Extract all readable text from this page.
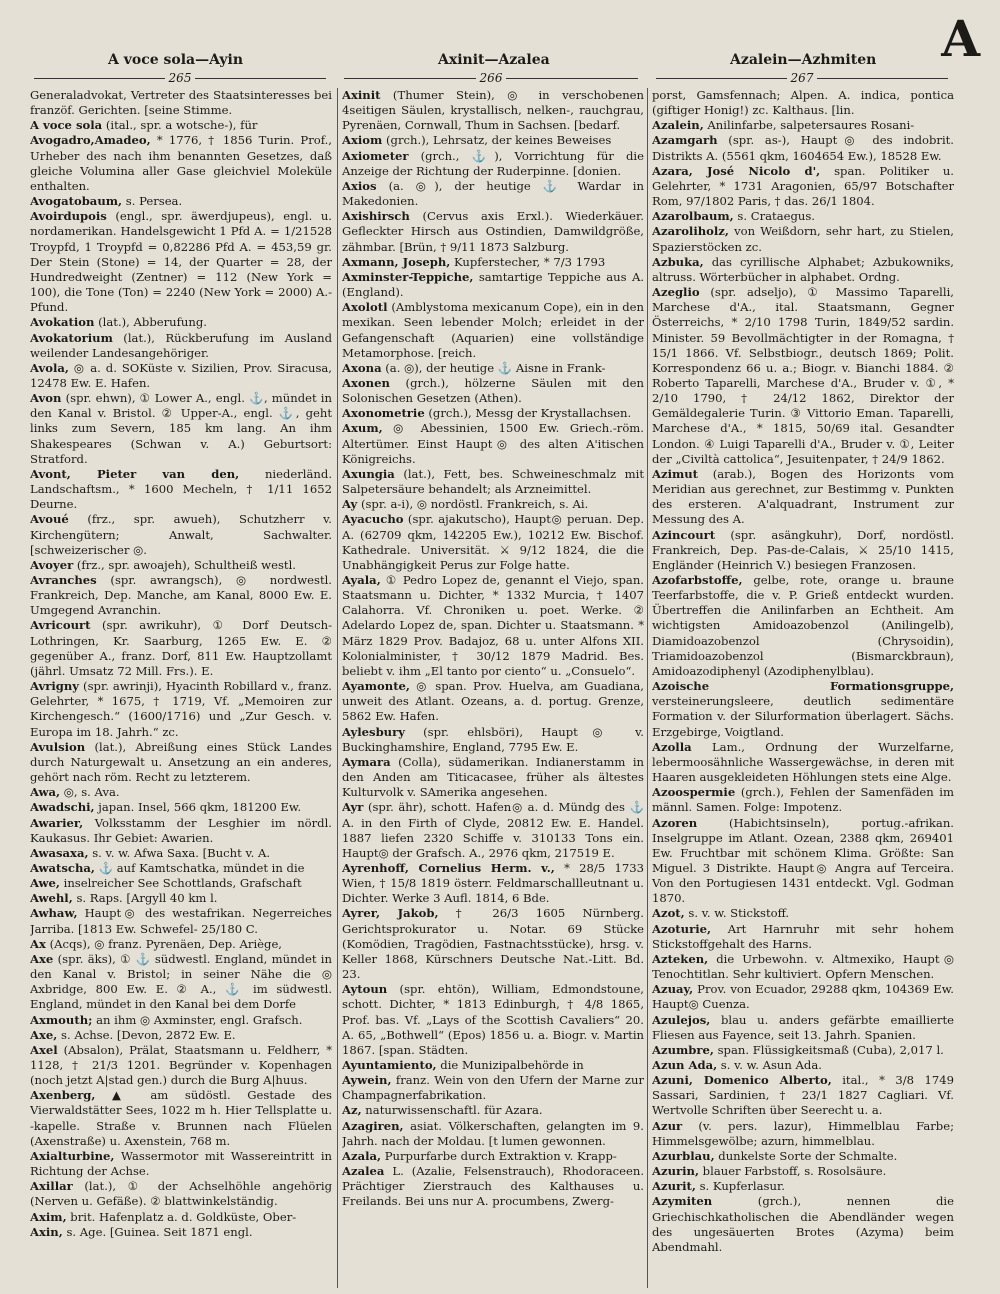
A voce sola—Ayin	Axinit—Azalea	Azalein—Azhmiten A
265	266	267

Generaladvokat, Vertreter des Staatsinteresses bei franzöf. Gerichten. [seine Stimme.

A voce sola (ital., spr. a wotsche-), für

Avogadro,Amadeo, * 1776, † 1856 Turin. Prof., Urheber des nach ihm benannten Gesetzes, daß gleiche Volumina aller Gase gleichviel Moleküle enthalten.

Avogatobaum, s. Persea.

Avoirdupois (engl., spr. äwerdjupeus), engl. u. nordamerikan. Handelsgewicht 1 Pfd A. = 1/21528 Troypfd, 1 Troypfd = 0,82286 Pfd A. = 453,59 gr. Der Stein (Stone) = 14, der Quarter = 28, der Hundredweight (Zentner) = 112 (New York = 100), die Tone (Ton) = 2240 (New York = 2000) A.-Pfund.

Avokation (lat.), Abberufung.

Avokatorium (lat.), Rückberufung im Ausland weilender Landesangehöriger.

Avola, ◎ a. d. SOKüste v. Sizilien, Prov. Siracusa, 12478 Ew. E. Hafen.

Avon (spr. ehwn), ① Lower A., engl. ⚓, mündet in den Kanal v. Bristol. ② Upper-A., engl. ⚓, geht links zum Severn, 185 km lang. An ihm Shakespeares (Schwan v. A.) Geburtsort: Stratford.

Avont, Pieter van den, niederländ. Landschaftsm., * 1600 Mecheln, † 1/11 1652 Deurne.

Avoué (frz., spr. awueh), Schutzherr v. Kirchengütern; Anwalt, Sachwalter. [schweizerischer ◎.

Avoyer (frz., spr. awoajeh), Schultheiß westl.

Avranches (spr. awrangsch), ◎ nordwestl. Frankreich, Dep. Manche, am Kanal, 8000 Ew. E. Umgegend Avranchin.

Avricourt (spr. awrikuhr), ① Dorf Deutsch-Lothringen, Kr. Saarburg, 1265 Ew. E. ② gegenüber A., franz. Dorf, 811 Ew. Hauptzollamt (jährl. Umsatz 72 Mill. Frs.). E.

Avrigny (spr. awrinji), Hyacinth Robillard v., franz. Gelehrter, * 1675, † 1719, Vf. „Memoiren zur Kirchengesch.“ (1600/1716) und „Zur Gesch. v. Europa im 18. Jahrh.“ zc.

Avulsion (lat.), Abreißung eines Stück Landes durch Naturgewalt u. Ansetzung an ein anderes, gehört nach röm. Recht zu letzterem.

Awa, ◎, s. Ava.

Awadschi, japan. Insel, 566 qkm, 181200 Ew.

Awarier, Volksstamm der Lesghier im nördl. Kaukasus. Ihr Gebiet: Awarien.

Awasaxa, s. v. w. Afwa Saxa. [Bucht v. A.

Awatscha, ⚓ auf Kamtschatka, mündet in die

Awe, inselreicher See Schottlands, Grafschaft

Awehl, s. Raps. [Argyll 40 km l.

Awhaw, Haupt◎ des westafrikan. Negerreiches Jarriba. [1813 Ew. Schwefel- 25/180 C.

Ax (Acqs), ◎ franz. Pyrenäen, Dep. Ariège,

Axe (spr. äks), ① ⚓ südwestl. England, mündet in den Kanal v. Bristol; in seiner Nähe die ◎ Axbridge, 800 Ew. E. ② A., ⚓ im südwestl. England, mündet in den Kanal bei dem Dorfe

Axmouth; an ihm ◎ Axminster, engl. Grafsch.

Axe, s. Achse. [Devon, 2872 Ew. E.

Axel (Absalon), Prälat, Staatsmann u. Feldherr, * 1128, † 21/3 1201. Begründer v. Kopenhagen (noch jetzt A|stad gen.) durch die Burg A|huus.

Axenberg, ▲ am südöstl. Gestade des Vierwaldstätter Sees, 1022 m h. Hier Tellsplatte u. -kapelle. Straße v. Brunnen nach Flüelen (Axenstraße) u. Axenstein, 768 m.

Axialturbine, Wassermotor mit Wassereintritt in Richtung der Achse.

Axillar (lat.), ① der Achselhöhle angehörig (Nerven u. Gefäße). ② blattwinkelständig.

Axim, brit. Hafenplatz a. d. Goldküste, Ober-

Axin, s. Age. [Guinea. Seit 1871 engl.

Axinit (Thumer Stein), ◎ in verschobenen 4seitigen Säulen, krystallisch, nelken-, rauchgrau, Pyrenäen, Cornwall, Thum in Sachsen. [bedarf.

Axiom (grch.), Lehrsatz, der keines Beweises

Axiometer (grch., ⚓), Vorrichtung für die Anzeige der Richtung der Ruderpinne. [donien.

Axios (a. ◎), der heutige ⚓ Wardar in Makedonien.

Axishirsch (Cervus axis Erxl.). Wiederkäuer. Gefleckter Hirsch aus Ostindien, Damwildgröße, zähmbar. [Brün, † 9/11 1873 Salzburg.

Axmann, Joseph, Kupferstecher, * 7/3 1793

Axminster-Teppiche, samtartige Teppiche aus A. (England).

Axolotl (Amblystoma mexicanum Cope), ein in den mexikan. Seen lebender Molch; erleidet in der Gefangenschaft (Aquarien) eine vollständige Metamorphose. [reich.

Axona (a. ◎), der heutige ⚓ Aisne in Frank-

Axonen (grch.), hölzerne Säulen mit den Solonischen Gesetzen (Athen).

Axonometrie (grch.), Messg der Krystallachsen.

Axum, ◎ Abessinien, 1500 Ew. Griech.-röm. Altertümer. Einst Haupt◎ des alten A'itischen Königreichs.

Axungia (lat.), Fett, bes. Schweineschmalz mit Salpetersäure behandelt; als Arzneimittel.

Ay (spr. a-i), ◎ nordöstl. Frankreich, s. Ai.

Ayacucho (spr. ajakutscho), Haupt◎ peruan. Dep. A. (62709 qkm, 142205 Ew.), 10212 Ew. Bischof. Kathedrale. Universität. ⚔ 9/12 1824, die die Unabhängigkeit Perus zur Folge hatte.

Ayala, ① Pedro Lopez de, genannt el Viejo, span. Staatsmann u. Dichter, * 1332 Murcia, † 1407 Calahorra. Vf. Chroniken u. poet. Werke. ② Adelardo Lopez de, span. Dichter u. Staatsmann. * März 1829 Prov. Badajoz, 68 u. unter Alfons XII. Kolonialminister, † 30/12 1879 Madrid. Bes. beliebt v. ihm „El tanto por ciento“ u. „Consuelo“.

Ayamonte, ◎ span. Prov. Huelva, am Guadiana, unweit des Atlant. Ozeans, a. d. portug. Grenze, 5862 Ew. Hafen.

Aylesbury (spr. ehlsböri), Haupt◎ v. Buckinghamshire, England, 7795 Ew. E.

Aymara (Colla), südamerikan. Indianerstamm in den Anden am Titicacasee, früher als ältestes Kulturvolk v. SAmerika angesehen.

Ayr (spr. ähr), schott. Hafen◎ a. d. Mündg des ⚓ A. in den Firth of Clyde, 20812 Ew. E. Handel. 1887 liefen 2320 Schiffe v. 310133 Tons ein. Haupt◎ der Grafsch. A., 2976 qkm, 217519 E.

Ayrenhoff, Cornelius Herm. v., * 28/5 1733 Wien, † 15/8 1819 österr. Feldmarschallleutnant u. Dichter. Werke 3 Aufl. 1814, 6 Bde.

Ayrer, Jakob, † 26/3 1605 Nürnberg. Gerichtsprokurator u. Notar. 69 Stücke (Komödien, Tragödien, Fastnachtsstücke), hrsg. v. Keller 1868, Kürschners Deutsche Nat.-Litt. Bd. 23.

Aytoun (spr. ehtön), William, Edmondstoune, schott. Dichter, * 1813 Edinburgh, † 4/8 1865, Prof. bas. Vf. „Lays of the Scottish Cavaliers“ 20. A. 65, „Bothwell“ (Epos) 1856 u. a. Biogr. v. Martin 1867. [span. Städten.

Ayuntamiento, die Munizipalbehörde in

Aywein, franz. Wein von den Ufern der Marne zur Champagnerfabrikation.

Az, naturwissenschaftl. für Azara.

Azagiren, asiat. Völkerschaften, gelangten im 9. Jahrh. nach der Moldau. [t lumen gewonnen.

Azala, Purpurfarbe durch Extraktion v. Krapp-

Azalea L. (Azalie, Felsenstrauch), Rhodoraceen. Prächtiger Zierstrauch des Kalthauses u. Freilands. Bei uns nur A. procumbens, Zwerg-

porst, Gamsfennach; Alpen. A. indica, pontica (giftiger Honig!) zc. Kalthaus. [lin.

Azalein, Anilinfarbe, salpetersaures Rosani-

Azamgarh (spr. as-), Haupt◎ des indobrit. Distrikts A. (5561 qkm, 1604654 Ew.), 18528 Ew.

Azara, José Nicolo d', span. Politiker u. Gelehrter, * 1731 Aragonien, 65/97 Botschafter Rom, 97/1802 Paris, † das. 26/1 1804.

Azarolbaum, s. Crataegus.

Azaroliholz, von Weißdorn, sehr hart, zu Stielen, Spazierstöcken zc.

Azbuka, das cyrillische Alphabet; Azbukowniks, altruss. Wörterbücher in alphabet. Ordng.

Azeglio (spr. adseljo), ① Massimo Taparelli, Marchese d'A., ital. Staatsmann, Gegner Österreichs, * 2/10 1798 Turin, 1849/52 sardin. Minister. 59 Bevollmächtigter in der Romagna, † 15/1 1866. Vf. Selbstbiogr., deutsch 1869; Polit. Korrespondenz 66 u. a.; Biogr. v. Bianchi 1884. ② Roberto Taparelli, Marchese d'A., Bruder v. ①, * 2/10 1790, † 24/12 1862, Direktor der Gemäldegalerie Turin. ③ Vittorio Eman. Taparelli, Marchese d'A., * 1815, 50/69 ital. Gesandter London. ④ Luigi Taparelli d'A., Bruder v. ①, Leiter der „Civiltà cattolica“, Jesuitenpater, † 24/9 1862.

Azimut (arab.), Bogen des Horizonts vom Meridian aus gerechnet, zur Bestimmg v. Punkten des ersteren. A'alquadrant, Instrument zur Messung des A.

Azincourt (spr. asängkuhr), Dorf, nordöstl. Frankreich, Dep. Pas-de-Calais, ⚔ 25/10 1415, Engländer (Heinrich V.) besiegen Franzosen.

Azofarbstoffe, gelbe, rote, orange u. braune Teerfarbstoffe, die v. P. Grieß entdeckt wurden. Übertreffen die Anilinfarben an Echtheit. Am wichtigsten Amidoazobenzol (Anilingelb), Diamidoazobenzol (Chrysoidin), Triamidoazobenzol (Bismarckbraun), Amidoazodiphenyl (Azodiphenylblau).

Azoische Formationsgruppe, versteinerungsleere, deutlich sedimentäre Formation v. der Silurformation überlagert. Sächs. Erzgebirge, Voigtland.

Azolla Lam., Ordnung der Wurzelfarne, lebermoosähnliche Wassergewächse, in deren mit Haaren ausgekleideten Höhlungen stets eine Alge.

Azoospermie (grch.), Fehlen der Samenfäden im männl. Samen. Folge: Impotenz.

Azoren (Habichtsinseln), portug.-afrikan. Inselgruppe im Atlant. Ozean, 2388 qkm, 269401 Ew. Fruchtbar mit schönem Klima. Größte: San Miguel. 3 Distrikte. Haupt◎ Angra auf Terceira. Von den Portugiesen 1431 entdeckt. Vgl. Godman 1870.

Azot, s. v. w. Stickstoff.

Azoturie, Art Harnruhr mit sehr hohem Stickstoffgehalt des Harns.

Azteken, die Urbewohn. v. Altmexiko, Haupt◎ Tenochtitlan. Sehr kultiviert. Opfern Menschen.

Azuay, Prov. von Ecuador, 29288 qkm, 104369 Ew. Haupt◎ Cuenza.

Azulejos, blau u. anders gefärbte emaillierte Fliesen aus Fayence, seit 13. Jahrh. Spanien.

Azumbre, span. Flüssigkeitsmaß (Cuba), 2,017 l.

Azun Ada, s. v. w. Asun Ada.

Azuni, Domenico Alberto, ital., * 3/8 1749 Sassari, Sardinien, † 23/1 1827 Cagliari. Vf. Wertvolle Schriften über Seerecht u. a.

Azur (v. pers. lazur), Himmelblau Farbe; Himmelsgewölbe; azurn, himmelblau.

Azurblau, dunkelste Sorte der Schmalte.

Azurin, blauer Farbstoff, s. Rosolsäure.

Azurit, s. Kupferlasur.

Azymiten (grch.), nennen die Griechischkatholischen die Abendländer wegen des ungesäuerten Brotes (Azyma) beim Abendmahl.
